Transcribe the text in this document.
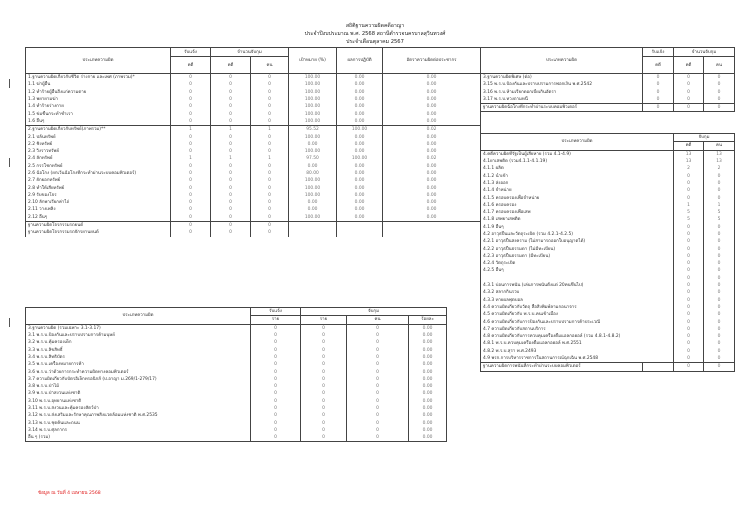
สถิติฐานความผิดคดีอาญา
ประจำปีงบประมาณ พ.ศ. 2568 สถานีตำรวจนครบาลสุวินทวงศ์
ประจำเดือนตุลาคม 2567
ประเภทความผิด	รับแจ้ง	จำนวนจับกุม		เป้าหมาย (%)	ผลการปฏิบัติ	อัตราความผิดต่อประชากร
	คดี	คดี	คน			
1.ฐานความผิดเกี่ยวกับชีวิต ร่างกาย และเพศ (ภาพรวม)*	0	0	0	100.00	0.00	0.00
1.1 ฆ่าผู้อื่น	0	0	0	100.00	0.00	0.00
1.2 ทำร้ายผู้อื่นถึงแก่ความตาย	0	0	0	100.00	0.00	0.00
1.3 พยายามฆ่า	0	0	0	100.00	0.00	0.00
1.4 ทำร้ายร่างกาย	0	0	0	100.00	0.00	0.00
1.5 ข่มขืนกระทำชำเรา	0	0	0	100.00	0.00	0.00
1.6 อื่นๆ	0	0	0	100.00	0.00	0.00
2.ฐานความผิดเกี่ยวกับทรัพย์(ภาพรวม)**	1	1	1	95.52	100.00	0.02
2.1 ปล้นทรัพย์	0	0	0	100.00	0.00	0.00
2.2 ชิงทรัพย์	0	0	0	0.00	0.00	0.00
2.3 วิ่งราวทรัพย์	0	0	0	100.00	0.00	0.00
2.4 ลักทรัพย์	1	1	1	97.50	100.00	0.02
2.5 กรรโชกทรัพย์	0	0	0	0.00	0.00	0.00
2.6 ฉ้อโกง (ยกเว้นฉ้อโกงที่กระทำผ่านระบบคอมพิวเตอร์)	0	0	0	80.00	0.00	0.00
2.7 ยักยอกทรัพย์	0	0	0	100.00	0.00	0.00
2.8 ทำให้เสียทรัพย์	0	0	0	100.00	0.00	0.00
2.9 รับของโจร	0	0	0	100.00	0.00	0.00
2.10 ลักพาเรียกค่าไถ่	0	0	0	0.00	0.00	0.00
2.11 วางเพลิง	0	0	0	0.00	0.00	0.00
2.12 อื่นๆ	0	0	0	100.00	0.00	0.00
ฐานความผิดโจรกรรมรถยนต์	0	0	0			
ฐานความผิดโจรกรรมรถจักรยานยนต์	0	0	0			
ประเภทความผิด	รับแจ้ง	จับกุม			
	ราย	ราย	คน	ร้อยละ	
3.ฐานความผิด (รวมเฉพาะ 3.1-3.17)	0	0	0	0.00	
3.1 พ.ร.บ.ป้องกันและปราบปรามการค้ามนุษย์	0	0	0	0.00	
3.2 พ.ร.บ.คุ้มครองเด็ก	0	0	0	0.00	
3.3 พ.ร.บ.ลิขสิทธิ์	0	0	0	0.00	
3.4 พ.ร.บ.สิทธิบัตร	0	0	0	0.00	
3.5 พ.ร.บ.เครื่องหมายการค้า	0	0	0	0.00	
3.6 พ.ร.บ.ว่าด้วยการกระทำความผิดทางคอมพิวเตอร์	0	0	0	0.00	
3.7 ความผิดเกี่ยวกับบัตรอิเล็กทรอนิกส์ (ป.อาญา ม.269/1-279/17)	0	0	0	0.00	
3.8 พ.ร.บ.ป่าไม้	0	0	0	0.00	
3.9 พ.ร.บ.ป่าสงวนแห่งชาติ	0	0	0	0.00	
3.10 พ.ร.บ.อุทยานแห่งชาติ	0	0	0	0.00	
3.11 พ.ร.บ.สงวนและคุ้มครองสัตว์ป่า	0	0	0	0.00	
3.12 พ.ร.บ.ส่งเสริมและรักษาคุณภาพสิ่งแวดล้อมแห่งชาติ พ.ศ.2535	0	0	0	0.00	
3.13 พ.ร.บ.ชุดค้นและถนน	0	0	0	0.00	
3.14 พ.ร.บ.ศุลกากร	0	0	0	0.00	
อื่น ๆ (รวม)	0	0	0	0.00	
ประเภทความผิด	รับแจ้ง	จำนวนจับกุม	
	คดี	คดี	คน
3.ฐานความผิดพิเศษ (ต่อ)	0	0	0
3.15 พ.ร.บ.ป้องกันและปราบปรามการฟอกเงิน พ.ศ.2542	0	0	0
3.16 พ.ร.บ.ห้ามเรียกดอกเบี้ยเกินอัตรา	0	0	0
3.17 พ.ร.บ.ทวงถามหนี้	0	0	0
ฐานความผิดฉ้อโกงที่กระทำผ่านระบบคอมพิวเตอร์	0	0	0
ประเภทความผิด		จับกุม	
		คดี	คน
4.คดีความผิดที่รัฐเป็นผู้เสียหาย (รวม 4.1-4.9)		13	13
4.1ยาเสพติด (รวม4.1.1-4.1.19)		13	13
4.1.1 ผลิต		2	2
4.1.2 นำเข้า		0	0
4.1.3 ส่งออก		0	0
4.1.4 จำหน่าย		0	0
4.1.5 ครอบครองเพื่อจำหน่าย		0	0
4.1.6 ครอบครอง		1	1
4.1.7 ครอบครองเพื่อเสพ		5	5
4.1.8 เสพยาเสพติด		5	5
4.1.9 อื่นๆ		0	0
4.2 อาวุธปืนและวัตถุระเบิด (รวม 4.2.1-4.2.5)		0	0
4.2.1 อาวุธปืนสงคราม (ไม่สามารถออกใบอนุญาตได้)		0	0
4.2.2 อาวุธปืนธรรมดา (ไม่มีทะเบียน)		0	0
4.2.3 อาวุธปืนธรรมดา (มีทะเบียน)		0	0
4.2.4 วัตถุระเบิด		0	0
4.2.5 อื่นๆ		0	0
		0	0
4.3.1 บ่อนการพนัน (เล่นการพนันตั้งแต่ 20คนขึ้นไป)		0	0
4.3.2 สลากกินรวบ		0	0
4.3.3 ทายผลฟุตบอล		0	0
4.4 ความผิดเกี่ยวกับวัตถุ สื่อสิ่งพิมพ์ลามกอนาจาร		0	0
4.5 ความผิดเกี่ยวกับ พ.ร.บ.คนเข้าเมือง		0	0
4.6 ความผิดเกี่ยวกับการป้องกันและปราบปรามการค้าประเวณี		0	0
4.7 ความผิดเกี่ยวกับสถานบริการ		0	0
4.8 ความผิดเกี่ยวกับการควบคุมเครื่องดื่มแอลกอฮอล์ (รวม 4.8.1-4.8.2)		0	0
4.8.1 พ.ร.บ.ควบคุมเครื่องดื่มแอลกอฮอล์ พ.ศ.2551		0	0
4.8.2 พ.ร.บ.สุรา พ.ศ.2493		0	0
4.9 พรก.การบริหารราชการในสถานการณ์ฉุกเฉิน พ.ศ.2548		0	0
ฐานความผิดการพนันที่กระทำผ่านระบบคอมพิวเตอร์		0	0
ข้อมูล ณ วันที่ 4 เมษายน 2568
